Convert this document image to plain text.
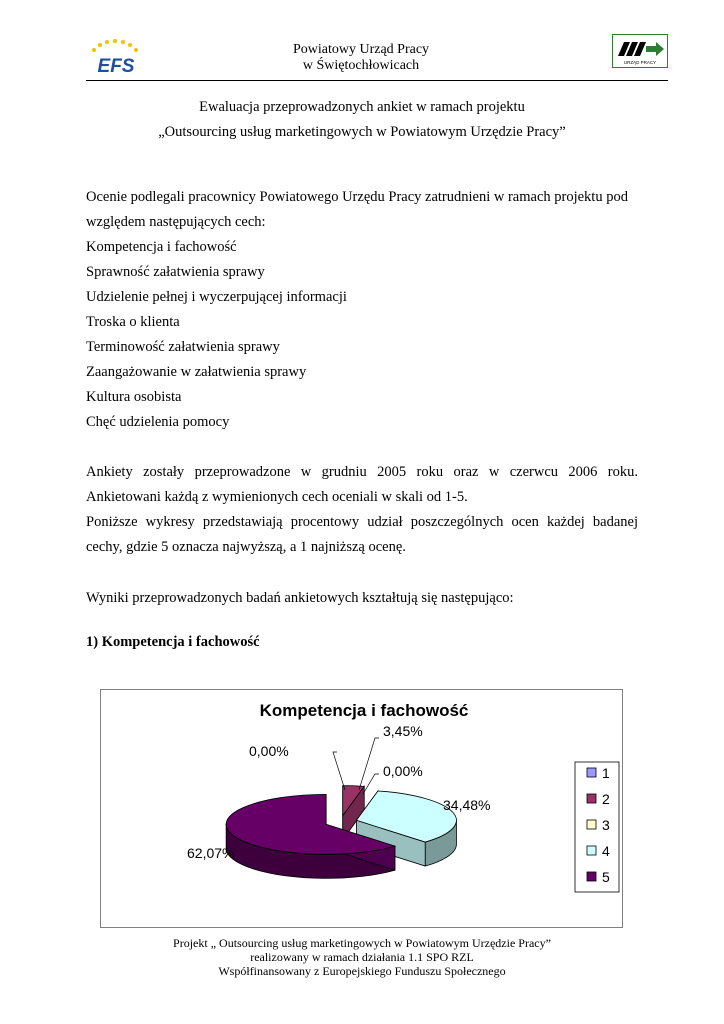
EFS
Powiatowy Urząd Pracy
w Świętochłowicach	URZĄD PRACY
Ewaluacja przeprowadzonych ankiet w ramach projektu
„Outsourcing usług marketingowych w Powiatowym Urzędzie Pracy”
Ocenie podlegali pracownicy Powiatowego Urzędu Pracy zatrudnieni w ramach projektu pod
względem następujących cech:
Kompetencja i fachowość
Sprawność załatwienia sprawy
Udzielenie pełnej i wyczerpującej informacji
Troska o klienta
Terminowość załatwienia sprawy
Zaangażowanie w załatwienia sprawy
Kultura osobista
Chęć udzielenia pomocy
Ankiety zostały przeprowadzone w grudniu 2005 roku oraz w czerwcu 2006 roku.
Ankietowani każdą z wymienionych cech oceniali w skali od 1-5.
Poniższe wykresy przedstawiają procentowy udział poszczególnych ocen każdej badanej
cechy, gdzie 5 oznacza najwyższą, a 1 najniższą ocenę.
Wyniki przeprowadzonych badań ankietowych kształtują się następująco:
1) Kompetencja i fachowość
Kompetencja i fachowość
0,00%
3,45%
0,00%
34,48%
62,07%
1
2
3
4
5
Projekt „ Outsourcing usług marketingowych w Powiatowym Urzędzie Pracy”
realizowany w ramach działania 1.1 SPO RZL
Współfinansowany z Europejskiego Funduszu Społecznego
